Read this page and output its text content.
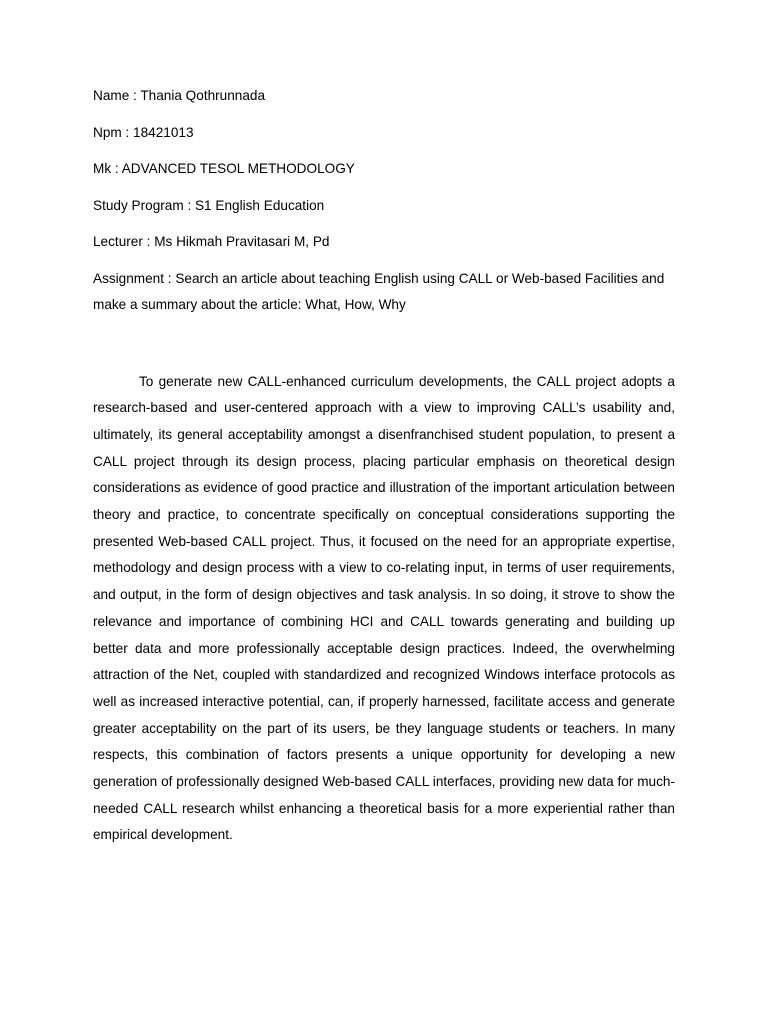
Name : Thania Qothrunnada
Npm : 18421013
Mk : ADVANCED TESOL METHODOLOGY
Study Program : S1 English Education
Lecturer : Ms Hikmah Pravitasari M, Pd
Assignment : Search an article about teaching English using CALL or Web-based Facilities and make a summary about the article: What, How, Why

To generate new CALL-enhanced curriculum developments, the CALL project adopts a research-based and user-centered approach with a view to improving CALL’s usability and, ultimately, its general acceptability amongst a disenfranchised student population, to present a CALL project through its design process, placing particular emphasis on theoretical design considerations as evidence of good practice and illustration of the important articulation between theory and practice, to concentrate specifically on conceptual considerations supporting the presented Web-based CALL project. Thus, it focused on the need for an appropriate expertise, methodology and design process with a view to co-relating input, in terms of user requirements, and output, in the form of design objectives and task analysis. In so doing, it strove to show the relevance and importance of combining HCI and CALL towards generating and building up better data and more professionally acceptable design practices. Indeed, the overwhelming attraction of the Net, coupled with standardized and recognized Windows interface protocols as well as increased interactive potential, can, if properly harnessed, facilitate access and generate greater acceptability on the part of its users, be they language students or teachers. In many respects, this combination of factors presents a unique opportunity for developing a new generation of professionally designed Web-based CALL interfaces, providing new data for much-needed CALL research whilst enhancing a theoretical basis for a more experiential rather than empirical development.
